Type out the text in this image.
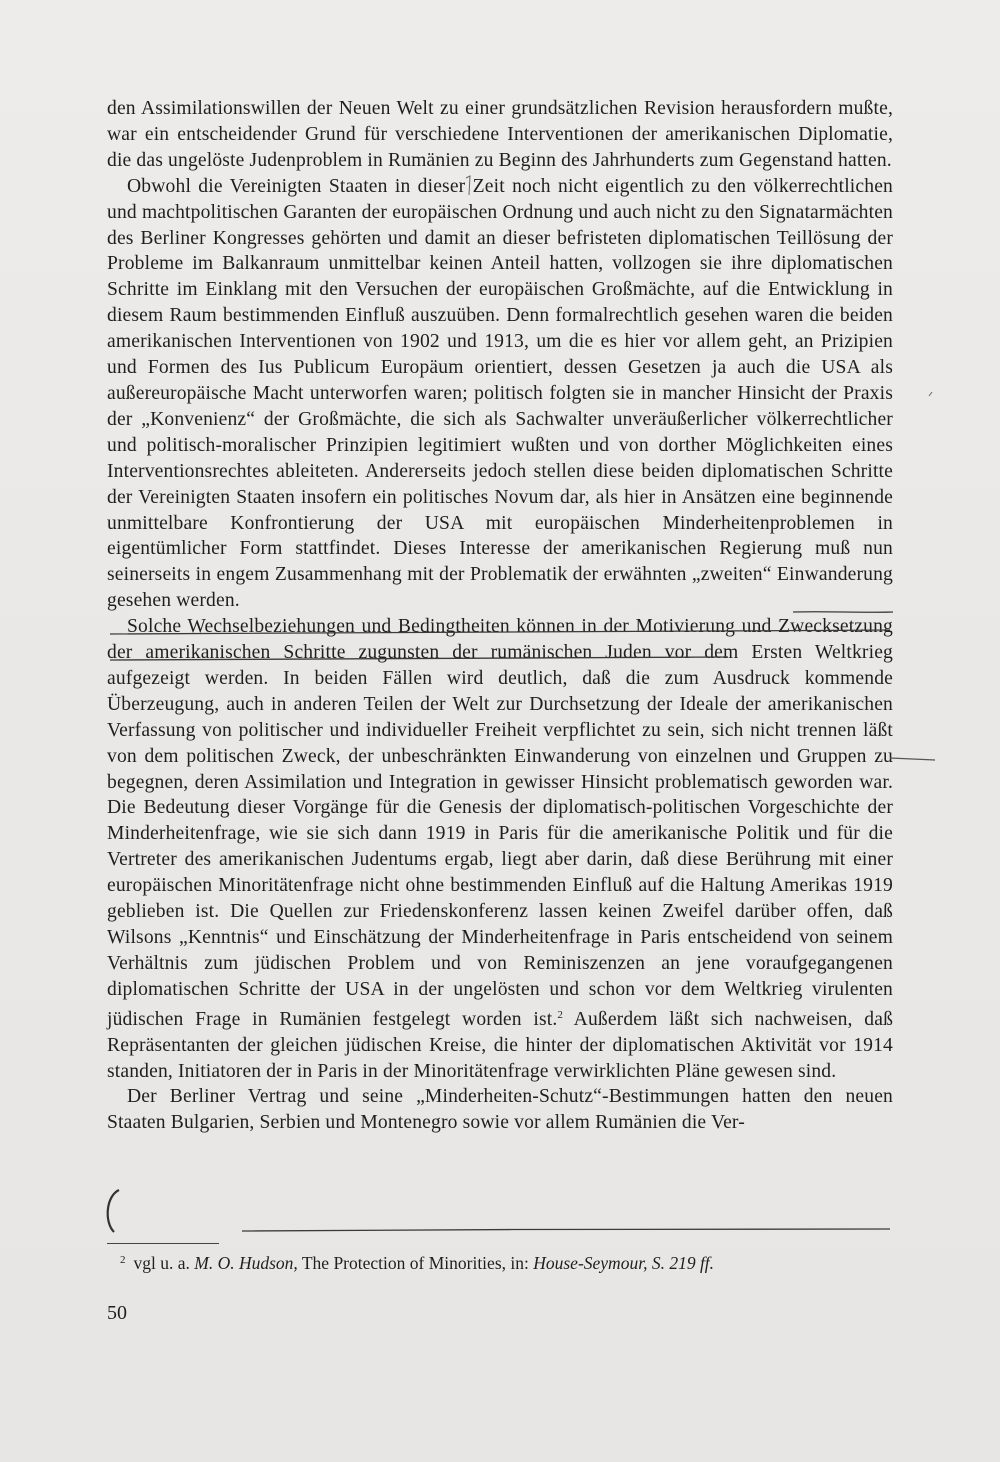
den Assimilationswillen der Neuen Welt zu einer grundsätzlichen Revision herausfordern mußte, war ein entscheidender Grund für verschiedene Interventionen der amerikanischen Diplomatie, die das ungelöste Judenproblem in Rumänien zu Beginn des Jahrhunderts zum Gegenstand hatten.

Obwohl die Vereinigten Staaten in dieser Zeit noch nicht eigentlich zu den völkerrechtlichen und machtpolitischen Garanten der europäischen Ordnung und auch nicht zu den Signatarmächten des Berliner Kongresses gehörten und damit an dieser befristeten diplomatischen Teillösung der Probleme im Balkanraum unmittelbar keinen Anteil hatten, vollzogen sie ihre diplomatischen Schritte im Einklang mit den Versuchen der europäischen Großmächte, auf die Entwicklung in diesem Raum bestimmenden Einfluß auszuüben. Denn formalrechtlich gesehen waren die beiden amerikanischen Interventionen von 1902 und 1913, um die es hier vor allem geht, an Prizipien und Formen des Ius Publicum Europäum orientiert, dessen Gesetzen ja auch die USA als außereuropäische Macht unterworfen waren; politisch folgten sie in mancher Hinsicht der Praxis der „Konvenienz“ der Großmächte, die sich als Sachwalter unveräußerlicher völkerrechtlicher und politisch-moralischer Prinzipien legitimiert wußten und von dorther Möglichkeiten eines Interventionsrechtes ableiteten. Andererseits jedoch stellen diese beiden diplomatischen Schritte der Vereinigten Staaten insofern ein politisches Novum dar, als hier in Ansätzen eine beginnende unmittelbare Konfrontierung der USA mit europäischen Minderheitenproblemen in eigentümlicher Form stattfindet. Dieses Interesse der amerikanischen Regierung muß nun seinerseits in engem Zusammenhang mit der Problematik der erwähnten „zweiten“ Einwanderung gesehen werden.

Solche Wechselbeziehungen und Bedingtheiten können in der Motivierung und Zwecksetzung der amerikanischen Schritte zugunsten der rumänischen Juden vor dem Ersten Weltkrieg aufgezeigt werden. In beiden Fällen wird deutlich, daß die zum Ausdruck kommende Überzeugung, auch in anderen Teilen der Welt zur Durchsetzung der Ideale der amerikanischen Verfassung von politischer und individueller Freiheit verpflichtet zu sein, sich nicht trennen läßt von dem politischen Zweck, der unbeschränkten Einwanderung von einzelnen und Gruppen zu begegnen, deren Assimilation und Integration in gewisser Hinsicht problematisch geworden war. Die Bedeutung dieser Vorgänge für die Genesis der diplomatisch-politischen Vorgeschichte der Minderheitenfrage, wie sie sich dann 1919 in Paris für die amerikanische Politik und für die Vertreter des amerikanischen Judentums ergab, liegt aber darin, daß diese Berührung mit einer europäischen Minoritätenfrage nicht ohne bestimmenden Einfluß auf die Haltung Amerikas 1919 geblieben ist. Die Quellen zur Friedenskonferenz lassen keinen Zweifel darüber offen, daß Wilsons „Kenntnis“ und Einschätzung der Minderheitenfrage in Paris entscheidend von seinem Verhältnis zum jüdischen Problem und von Reminiszenzen an jene voraufgegangenen diplomatischen Schritte der USA in der ungelösten und schon vor dem Weltkrieg virulenten jüdischen Frage in Rumänien festgelegt worden ist.$^2$ Außerdem läßt sich nachweisen, daß Repräsentanten der gleichen jüdischen Kreise, die hinter der diplomatischen Aktivität vor 1914 standen, Initiatoren der in Paris in der Minoritätenfrage verwirklichten Pläne gewesen sind.

Der Berliner Vertrag und seine „Minderheiten-Schutz“-Bestimmungen hatten den neuen Staaten Bulgarien, Serbien und Montenegro sowie vor allem Rumänien die Ver-

$^2$ vgl u. a. M. O. Hudson, The Protection of Minorities, in: House-Seymour, S. 219 ff.
50
